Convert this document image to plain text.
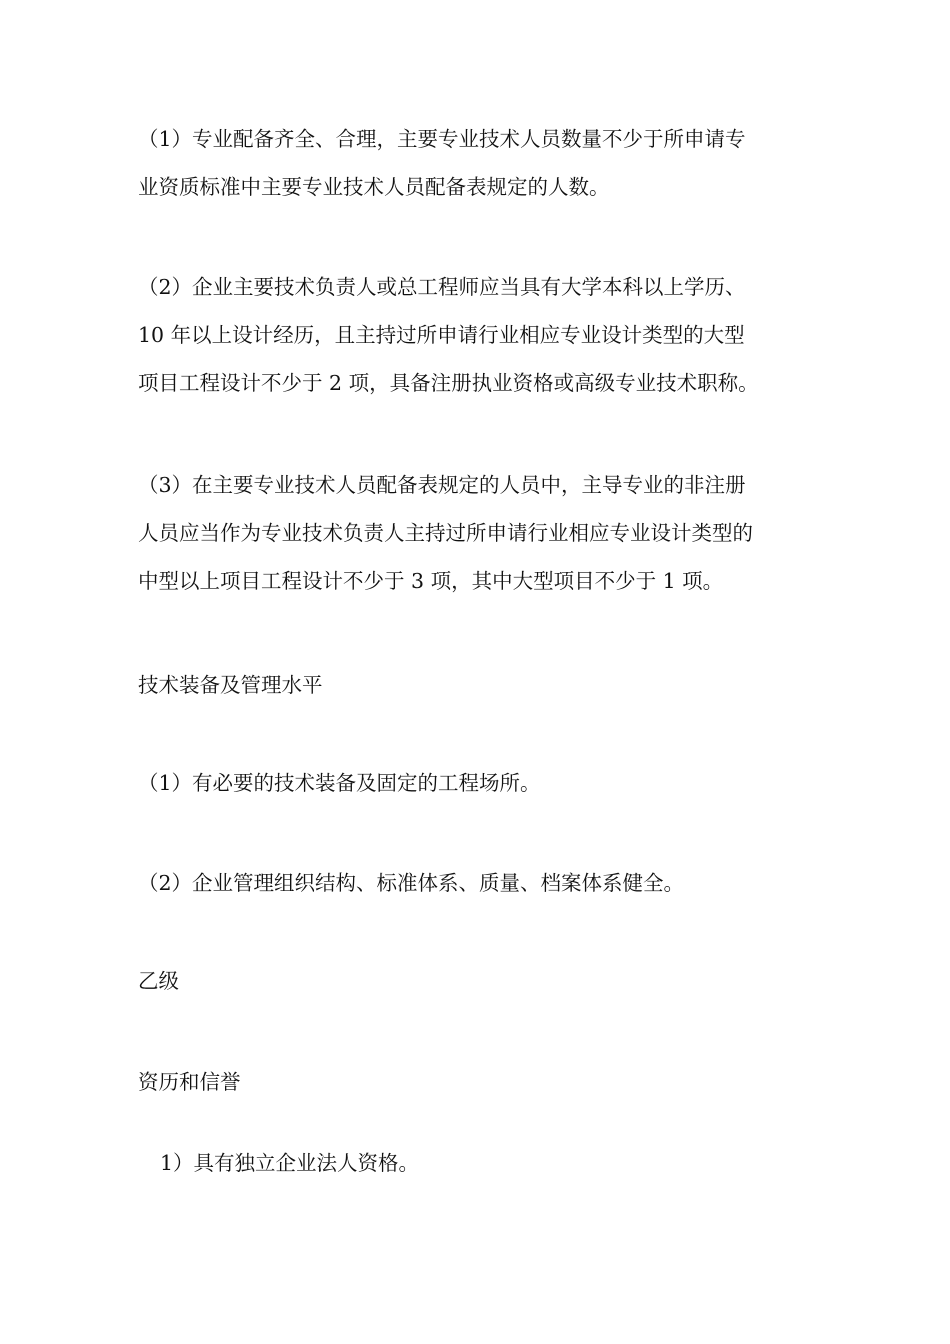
（1）专业配备齐全、合理，主要专业技术人员数量不少于所申请专
业资质标准中主要专业技术人员配备表规定的人数。

（2）企业主要技术负责人或总工程师应当具有大学本科以上学历、
10 年以上设计经历，且主持过所申请行业相应专业设计类型的大型
项目工程设计不少于 2 项，具备注册执业资格或高级专业技术职称。

（3）在主要专业技术人员配备表规定的人员中，主导专业的非注册
人员应当作为专业技术负责人主持过所申请行业相应专业设计类型的
中型以上项目工程设计不少于 3 项，其中大型项目不少于 1 项。

技术装备及管理水平

（1）有必要的技术装备及固定的工程场所。

（2）企业管理组织结构、标准体系、质量、档案体系健全。

乙级

资历和信誉

1）具有独立企业法人资格。
